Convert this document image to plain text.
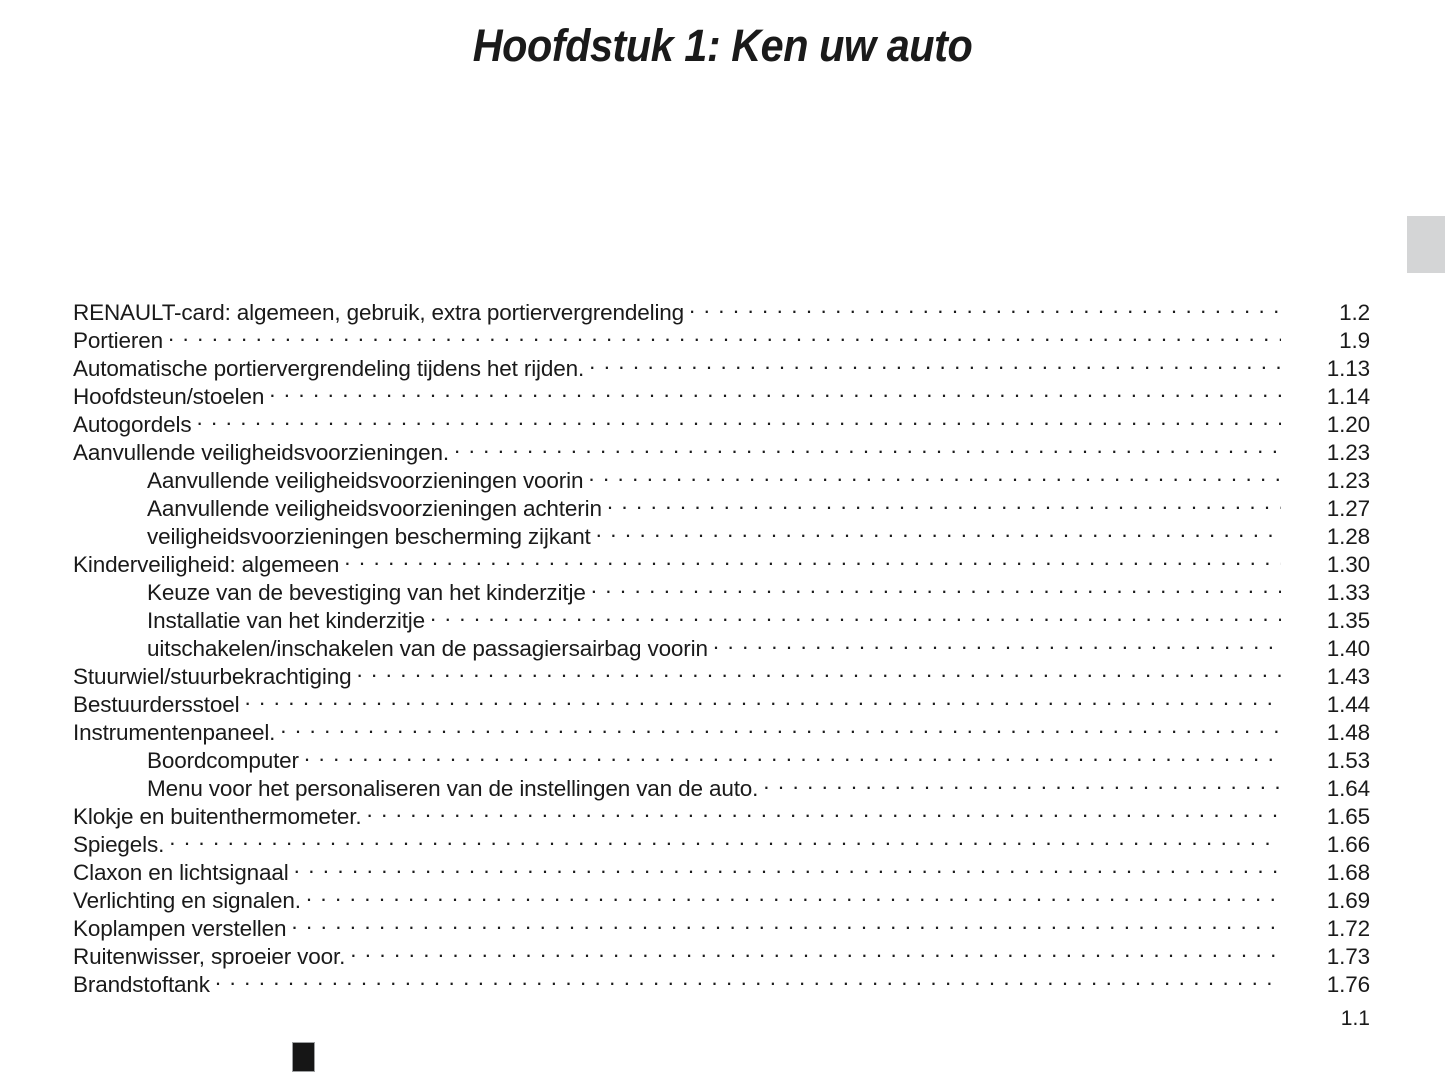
Hoofdstuk 1: Ken uw auto
RENAULT-card: algemeen, gebruik, extra portiervergrendeling . . .	1.2
Portieren . . .	1.9
Automatische portiervergrendeling tijdens het rijden. . . .	1.13
Hoofdsteun/stoelen . . .	1.14
Autogordels . . .	1.20
Aanvullende veiligheidsvoorzieningen. . . .	1.23
Aanvullende veiligheidsvoorzieningen voorin . . .	1.23
Aanvullende veiligheidsvoorzieningen achterin . . .	1.27
veiligheidsvoorzieningen bescherming zijkant . . .	1.28
Kinderveiligheid: algemeen . . .	1.30
Keuze van de bevestiging van het kinderzitje . . .	1.33
Installatie van het kinderzitje . . .	1.35
uitschakelen/inschakelen van de passagiersairbag voorin . . .	1.40
Stuurwiel/stuurbekrachtiging . . .	1.43
Bestuurdersstoel . . .	1.44
Instrumentenpaneel. . . .	1.48
Boordcomputer . . .	1.53
Menu voor het personaliseren van de instellingen van de auto. . . .	1.64
Klokje en buitenthermometer. . . .	1.65
Spiegels. . . .	1.66
Claxon en lichtsignaal . . .	1.68
Verlichting en signalen. . . .	1.69
Koplampen verstellen . . .	1.72
Ruitenwisser, sproeier voor. . . .	1.73
Brandstoftank . . .	1.76
1.1
